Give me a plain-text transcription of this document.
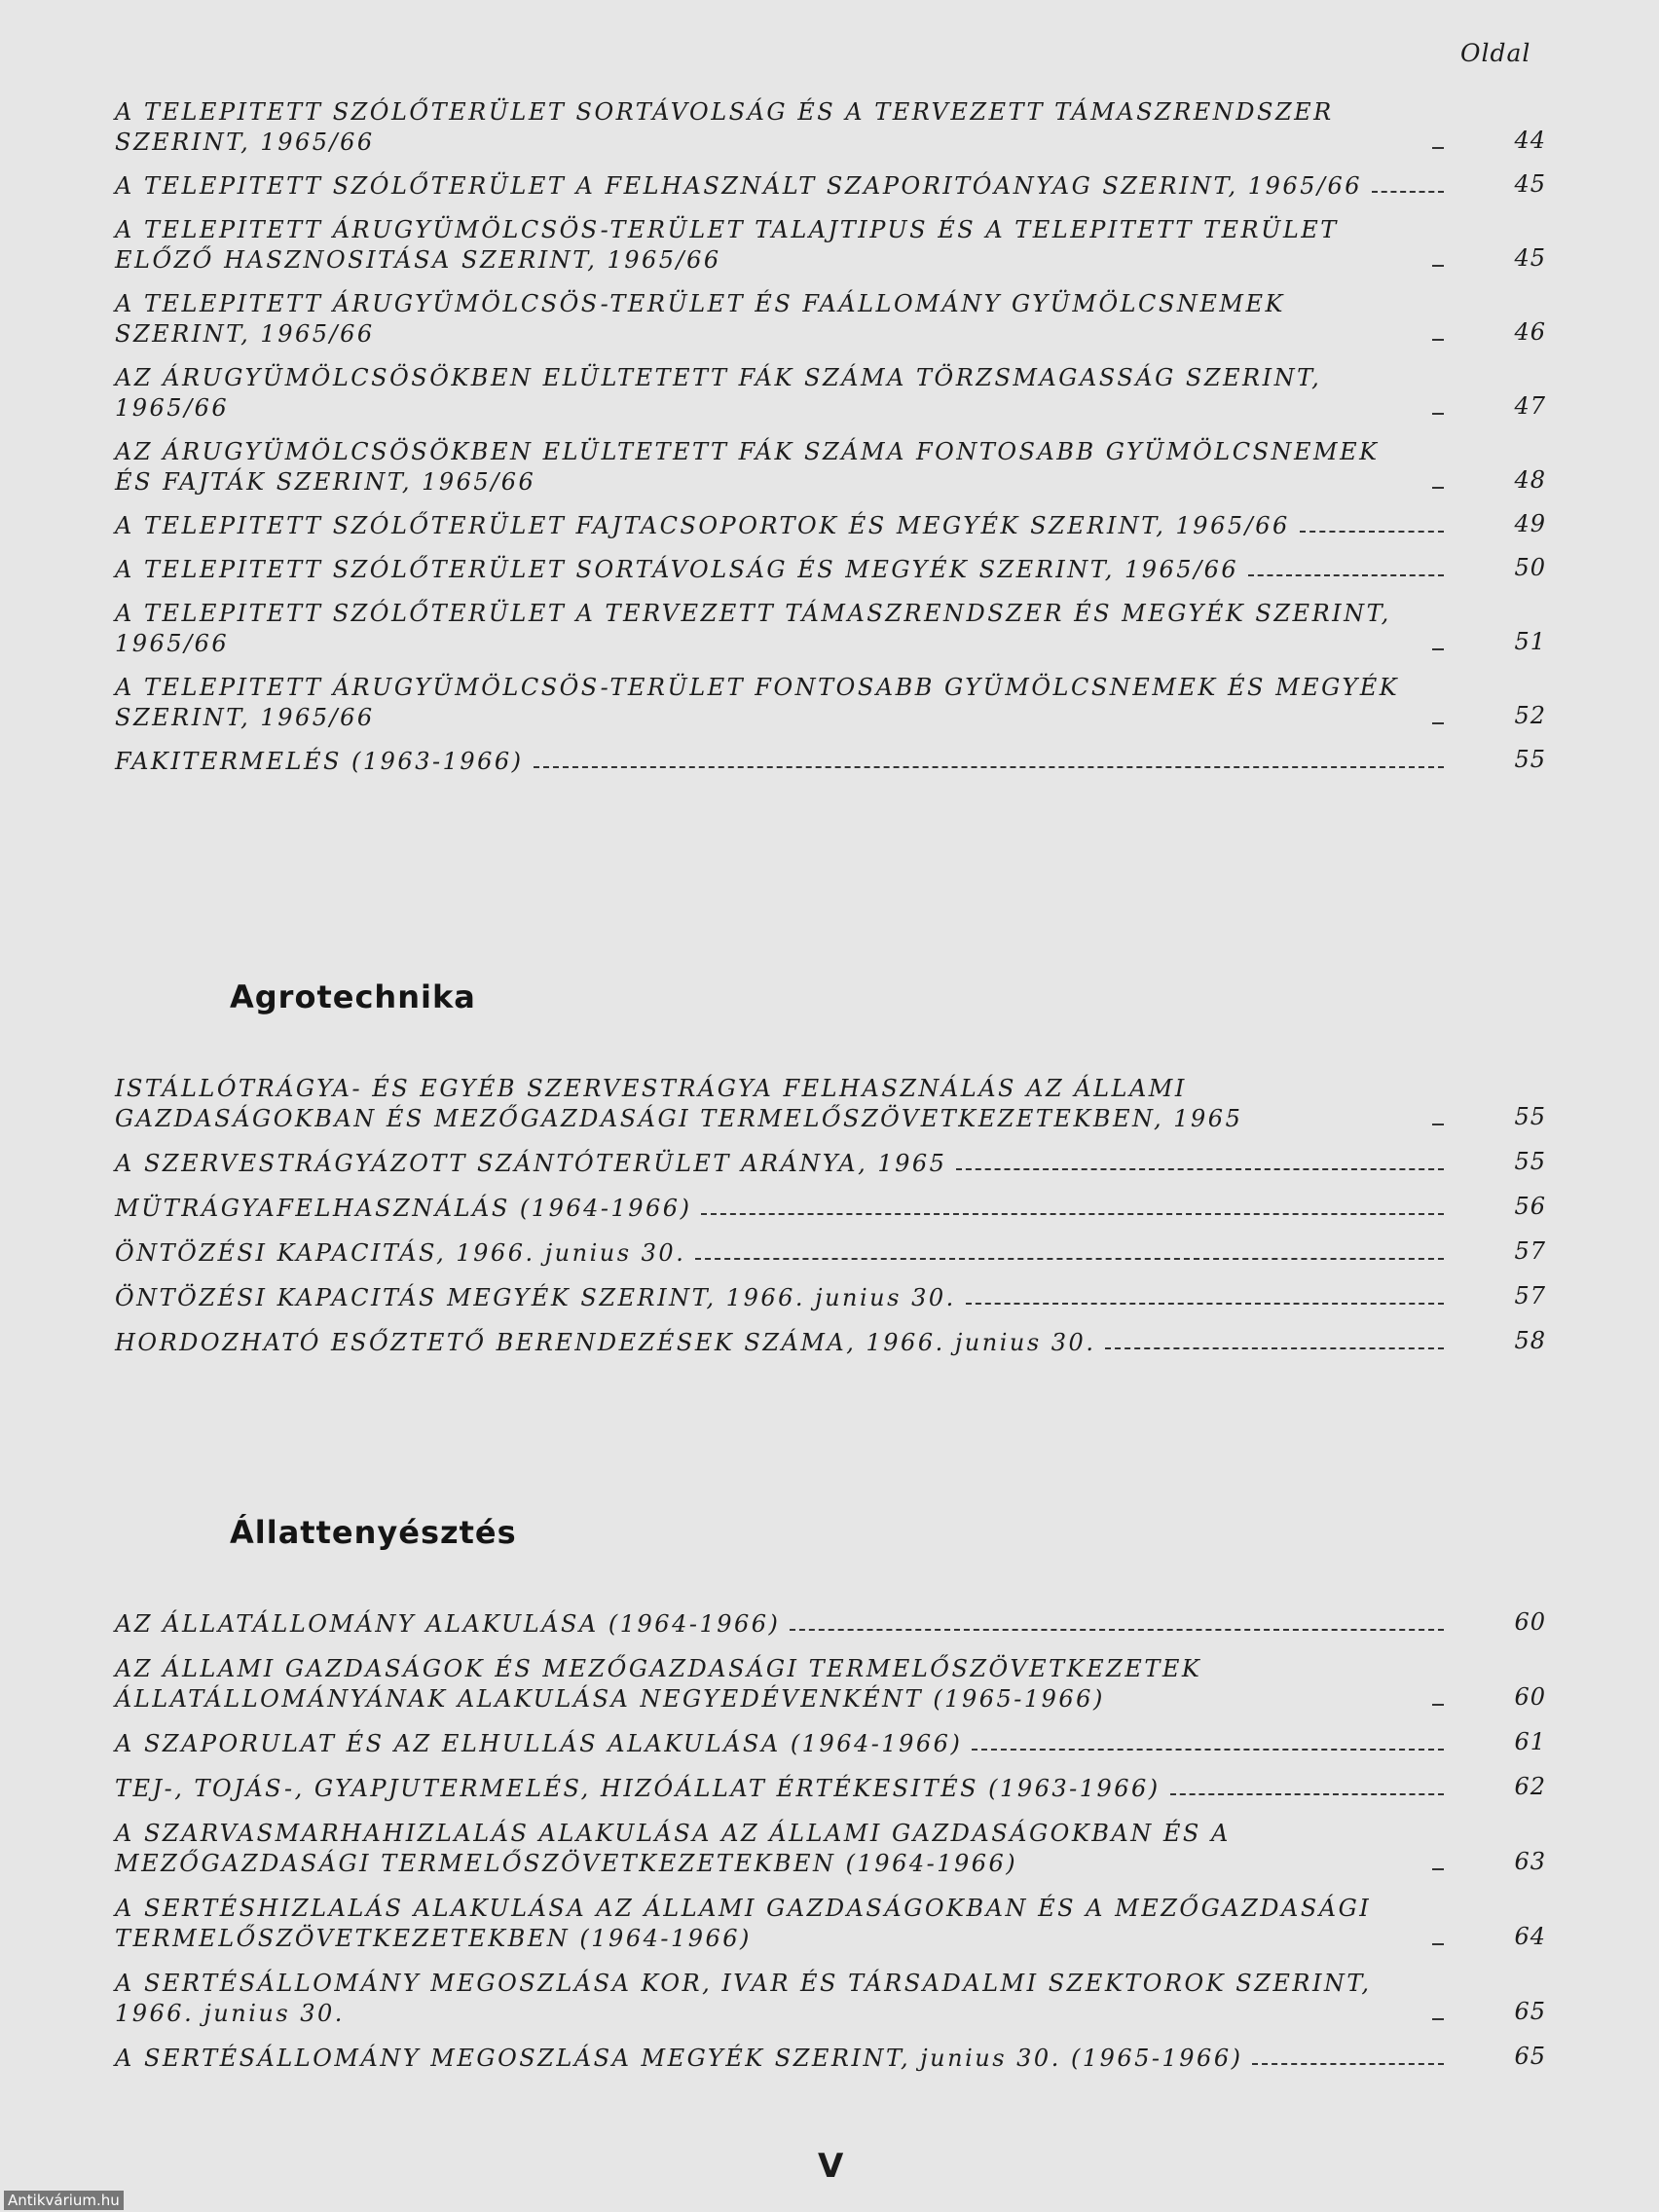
Oldal
A TELEPITETT SZÓLŐTERÜLET SORTÁVOLSÁG ÉS A TERVEZETT TÁMASZRENDSZER SZERINT, 1965/66	44
A TELEPITETT SZÓLŐTERÜLET A FELHASZNÁLT SZAPORITÓANYAG SZERINT, 1965/66	45
A TELEPITETT ÁRUGYÜMÖLCSÖS-TERÜLET TALAJTIPUS ÉS A TELEPITETT TERÜLET ELŐZŐ HASZNOSITÁSA SZERINT, 1965/66	45
A TELEPITETT ÁRUGYÜMÖLCSÖS-TERÜLET ÉS FAÁLLOMÁNY GYÜMÖLCSNEMEK SZERINT, 1965/66	46
AZ ÁRUGYÜMÖLCSÖSÖKBEN ELÜLTETETT FÁK SZÁMA TÖRZSMAGASSÁG SZERINT, 1965/66	47
AZ ÁRUGYÜMÖLCSÖSÖKBEN ELÜLTETETT FÁK SZÁMA FONTOSABB GYÜMÖLCSNEMEK ÉS FAJTÁK SZERINT, 1965/66	48
A TELEPITETT SZÓLŐTERÜLET FAJTACSOPORTOK ÉS MEGYÉK SZERINT, 1965/66	49
A TELEPITETT SZÓLŐTERÜLET SORTÁVOLSÁG ÉS MEGYÉK SZERINT, 1965/66	50
A TELEPITETT SZÓLŐTERÜLET A TERVEZETT TÁMASZRENDSZER ÉS MEGYÉK SZERINT, 1965/66	51
A TELEPITETT ÁRUGYÜMÖLCSÖS-TERÜLET FONTOSABB GYÜMÖLCSNEMEK ÉS MEGYÉK SZERINT, 1965/66	52
FAKITERMELÉS (1963-1966)	55
Agrotechnika
ISTÁLLÓTRÁGYA- ÉS EGYÉB SZERVESTRÁGYA FELHASZNÁLÁS AZ ÁLLAMI GAZDASÁGOKBAN ÉS MEZŐGAZDASÁGI TERMELŐSZÖVETKEZETEKBEN, 1965	55
A SZERVESTRÁGYÁZOTT SZÁNTÓTERÜLET ARÁNYA, 1965	55
MÜTRÁGYAFELHASZNÁLÁS (1964-1966)	56
ÖNTÖZÉSI KAPACITÁS, 1966. junius 30.	57
ÖNTÖZÉSI KAPACITÁS MEGYÉK SZERINT, 1966. junius 30.	57
HORDOZHATÓ ESŐZTETŐ BERENDEZÉSEK SZÁMA, 1966. junius 30.	58
Állattenyésztés
AZ ÁLLATÁLLOMÁNY ALAKULÁSA (1964-1966)	60
AZ ÁLLAMI GAZDASÁGOK ÉS MEZŐGAZDASÁGI TERMELŐSZÖVETKEZETEK ÁLLATÁLLOMÁNYÁNAK ALAKULÁSA NEGYEDÉVENKÉNT (1965-1966)	60
A SZAPORULAT ÉS AZ ELHULLÁS ALAKULÁSA (1964-1966)	61
TEJ-, TOJÁS-, GYAPJUTERMELÉS, HIZÓÁLLAT ÉRTÉKESITÉS (1963-1966)	62
A SZARVASMARHAHIZLALÁS ALAKULÁSA AZ ÁLLAMI GAZDASÁGOKBAN ÉS A MEZŐGAZDASÁGI TERMELŐSZÖVETKEZETEKBEN (1964-1966)	63
A SERTÉSHIZLALÁS ALAKULÁSA AZ ÁLLAMI GAZDASÁGOKBAN ÉS A MEZŐGAZDASÁGI TERMELŐSZÖVETKEZETEKBEN (1964-1966)	64
A SERTÉSÁLLOMÁNY MEGOSZLÁSA KOR, IVAR ÉS TÁRSADALMI SZEKTOROK SZERINT, 1966. junius 30.	65
A SERTÉSÁLLOMÁNY MEGOSZLÁSA MEGYÉK SZERINT, junius 30. (1965-1966)	65
V
Antikvárium.hu
